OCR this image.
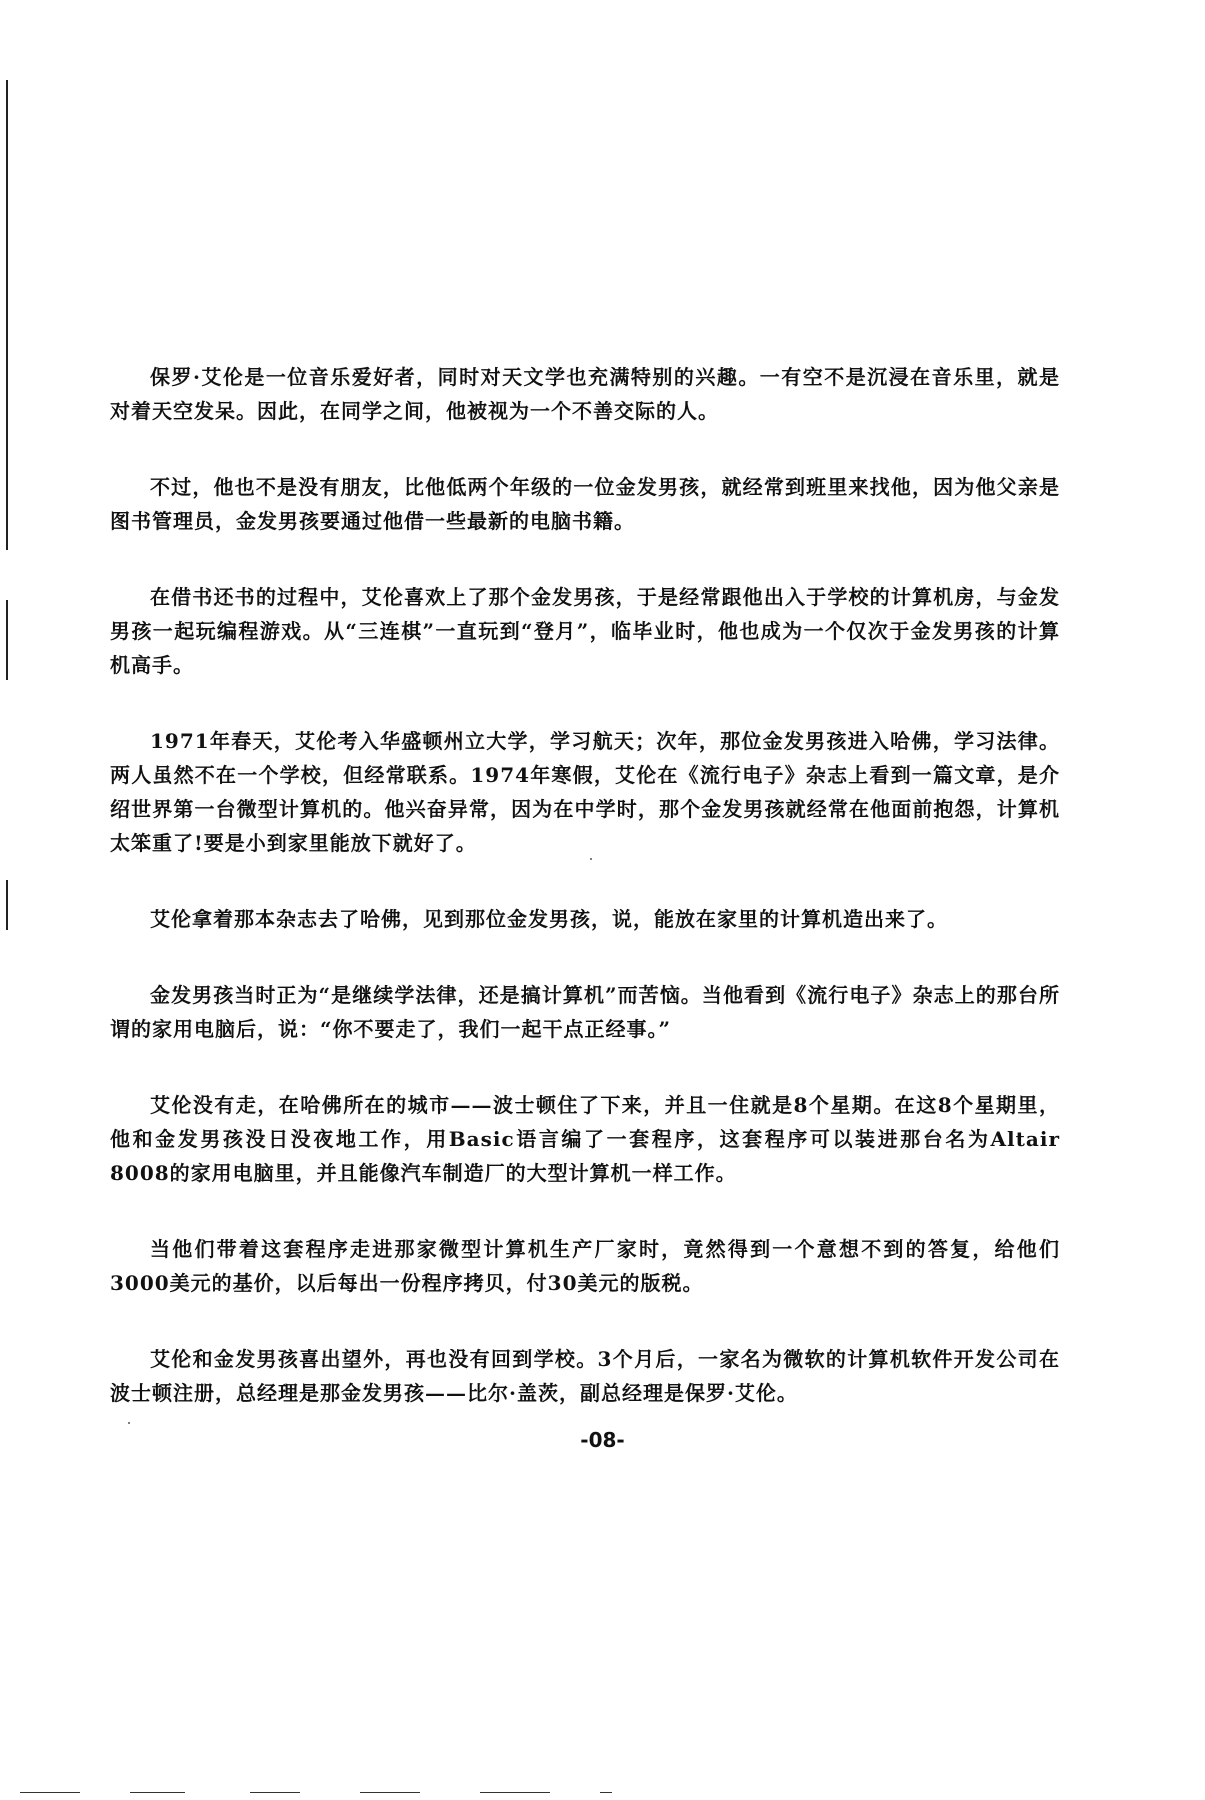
保罗·艾伦是一位音乐爱好者，同时对天文学也充满特别的兴趣。一有空不是沉浸在音乐里，就是对着天空发呆。因此，在同学之间，他被视为一个不善交际的人。

不过，他也不是没有朋友，比他低两个年级的一位金发男孩，就经常到班里来找他，因为他父亲是图书管理员，金发男孩要通过他借一些最新的电脑书籍。

在借书还书的过程中，艾伦喜欢上了那个金发男孩，于是经常跟他出入于学校的计算机房，与金发男孩一起玩编程游戏。从“三连棋”一直玩到“登月”，临毕业时，他也成为一个仅次于金发男孩的计算机高手。

1971年春天，艾伦考入华盛顿州立大学，学习航天；次年，那位金发男孩进入哈佛，学习法律。两人虽然不在一个学校，但经常联系。1974年寒假，艾伦在《流行电子》杂志上看到一篇文章，是介绍世界第一台微型计算机的。他兴奋异常，因为在中学时，那个金发男孩就经常在他面前抱怨，计算机太笨重了!要是小到家里能放下就好了。

艾伦拿着那本杂志去了哈佛，见到那位金发男孩，说，能放在家里的计算机造出来了。

金发男孩当时正为“是继续学法律，还是搞计算机”而苦恼。当他看到《流行电子》杂志上的那台所谓的家用电脑后，说：“你不要走了，我们一起干点正经事。”

艾伦没有走，在哈佛所在的城市——波士顿住了下来，并且一住就是8个星期。在这8个星期里，他和金发男孩没日没夜地工作，用Basic语言编了一套程序，这套程序可以装进那台名为Altair 8008的家用电脑里，并且能像汽车制造厂的大型计算机一样工作。

当他们带着这套程序走进那家微型计算机生产厂家时，竟然得到一个意想不到的答复，给他们3000美元的基价，以后每出一份程序拷贝，付30美元的版税。

艾伦和金发男孩喜出望外，再也没有回到学校。3个月后，一家名为微软的计算机软件开发公司在波士顿注册，总经理是那金发男孩——比尔·盖茨，副总经理是保罗·艾伦。

-08-
